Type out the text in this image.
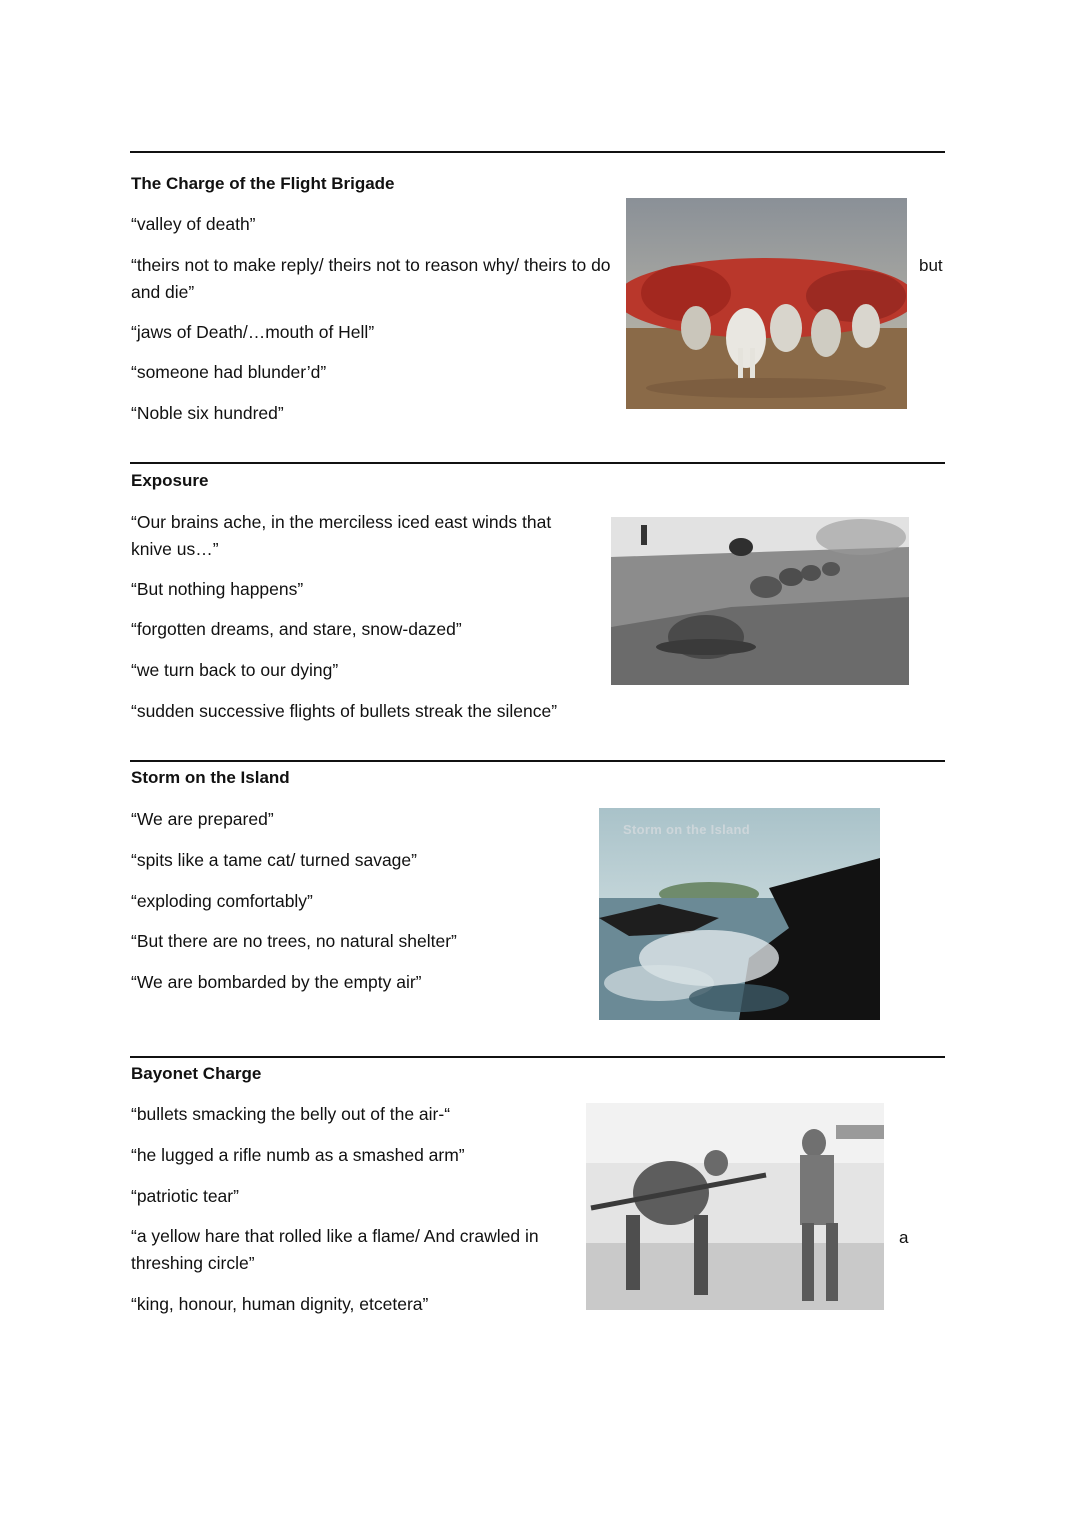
The Charge of the Flight Brigade
“valley of death”
“theirs not to make reply/ theirs not to reason why/ theirs to do and die”
“jaws of Death/…mouth of Hell”
“someone had blunder’d”
“Noble six hundred”
but
Exposure
“Our brains ache, in the merciless iced east winds that knive us…”
“But nothing happens”
“forgotten dreams, and stare, snow-dazed”
“we turn back to our dying”
“sudden successive flights of bullets streak the silence”
Storm on the Island
“We are prepared”
“spits like a tame cat/ turned savage”
“exploding comfortably”
“But there are no trees, no natural shelter”
“We are bombarded by the empty air”
Storm on the Island
Bayonet Charge
“bullets smacking the belly out of the air-“
“he lugged a rifle numb as a smashed arm”
“patriotic tear”
“a yellow hare that rolled like a flame/ And crawled in threshing circle”
“king, honour, human dignity, etcetera”
a
